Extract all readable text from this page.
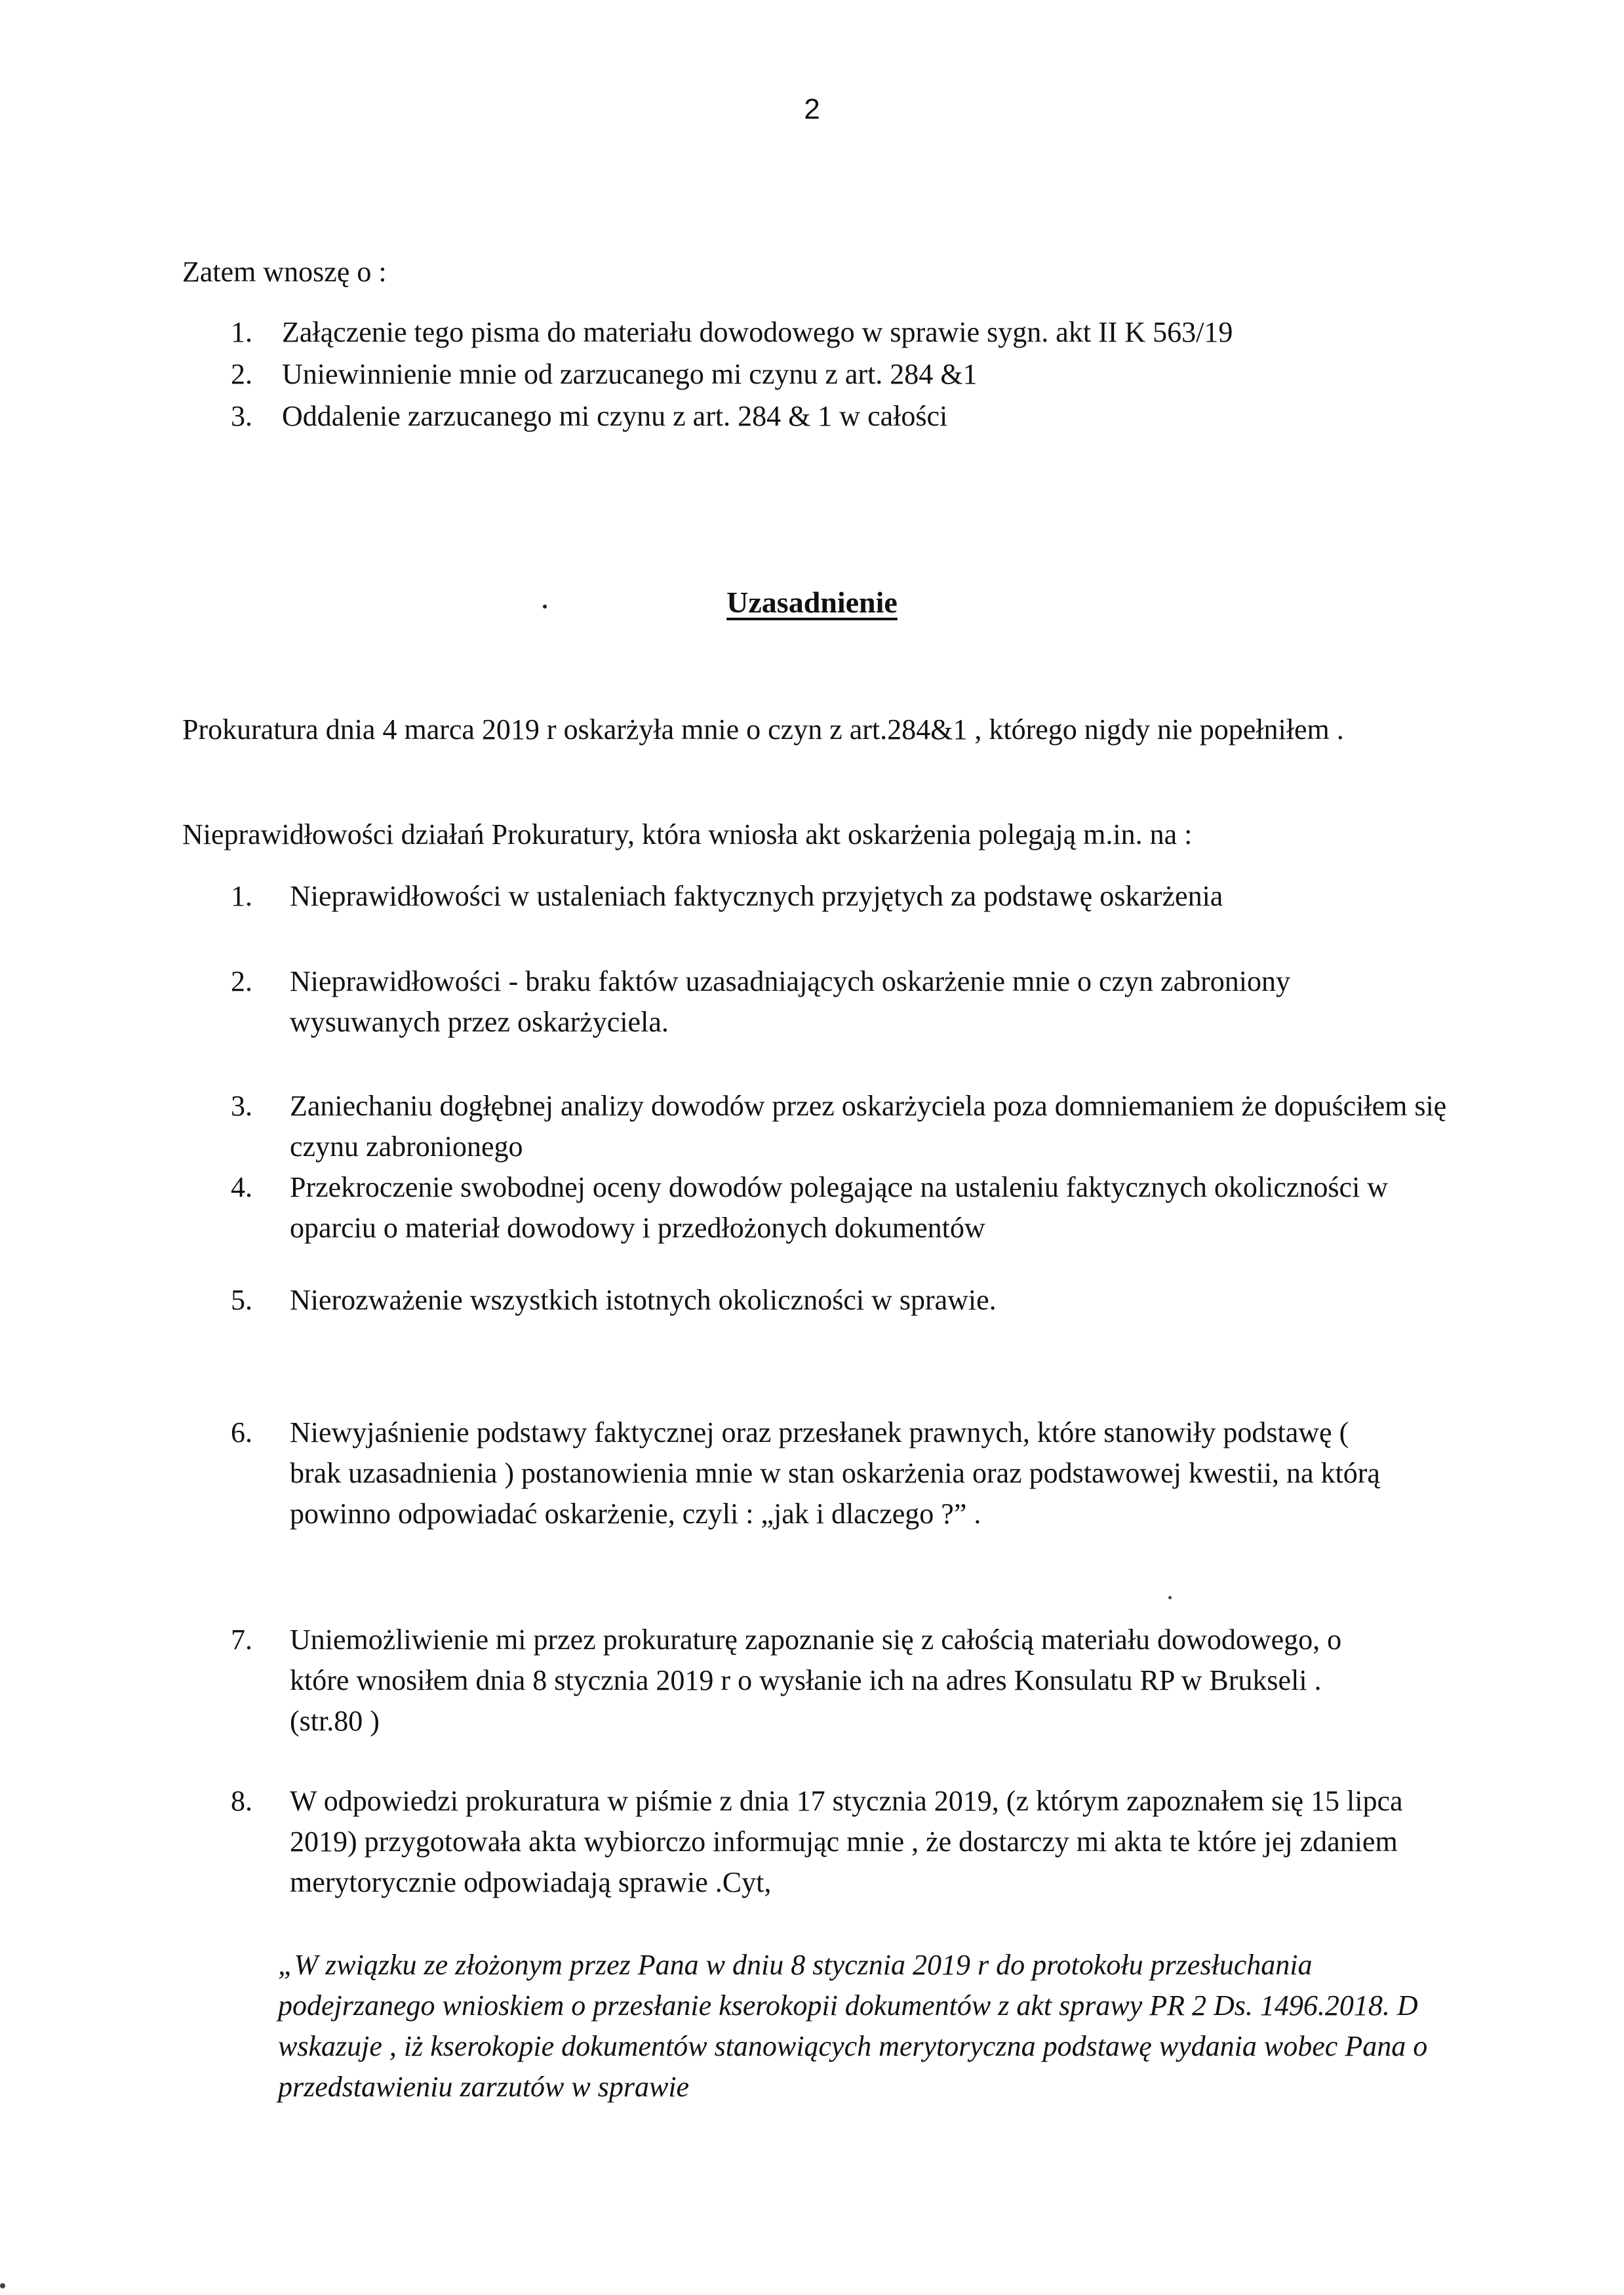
2
Zatem wnoszę o :
1. Załączenie tego pisma do materiału dowodowego w sprawie sygn. akt II K 563/19
2. Uniewinnienie mnie od zarzucanego mi czynu z art. 284 &1
3. Oddalenie zarzucanego mi czynu z art. 284 & 1 w całości
Uzasadnienie
Prokuratura dnia 4 marca 2019 r oskarżyła mnie o czyn z art.284&1 , którego nigdy nie popełniłem .
Nieprawidłowości działań Prokuratury, która wniosła akt oskarżenia polegają m.in. na :
1. Nieprawidłowości w ustaleniach faktycznych przyjętych za podstawę oskarżenia
2. Nieprawidłowości - braku faktów uzasadniających oskarżenie mnie o czyn zabroniony wysuwanych przez oskarżyciela.
3. Zaniechaniu dogłębnej analizy dowodów przez oskarżyciela poza domniemaniem że dopuściłem się czynu zabronionego
4. Przekroczenie swobodnej oceny dowodów polegające na ustaleniu faktycznych okoliczności w oparciu o materiał dowodowy i przedłożonych dokumentów
5. Nierozważenie wszystkich istotnych okoliczności w sprawie.
6. Niewyjaśnienie podstawy faktycznej oraz przesłanek prawnych, które stanowiły podstawę ( brak uzasadnienia ) postanowienia mnie w stan oskarżenia oraz podstawowej kwestii, na którą powinno odpowiadać oskarżenie, czyli : „jak i dlaczego ?” .
7. Uniemożliwienie mi przez prokuraturę zapoznanie się z całością materiału dowodowego, o które wnosiłem dnia 8 stycznia 2019 r o wysłanie ich na adres Konsulatu RP w Brukseli . (str.80 )
8. W odpowiedzi prokuratura w piśmie z dnia 17 stycznia 2019, (z którym zapoznałem się 15 lipca 2019) przygotowała akta wybiorczo informując mnie , że dostarczy mi akta te które jej zdaniem merytorycznie odpowiadają sprawie .Cyt,
„W związku ze złożonym przez Pana w dniu 8 stycznia 2019 r do protokołu przesłuchania podejrzanego wnioskiem o przesłanie kserokopii dokumentów z akt sprawy PR 2 Ds. 1496.2018. D wskazuje , iż kserokopie dokumentów stanowiących merytoryczna podstawę wydania wobec Pana o przedstawieniu zarzutów w sprawie
